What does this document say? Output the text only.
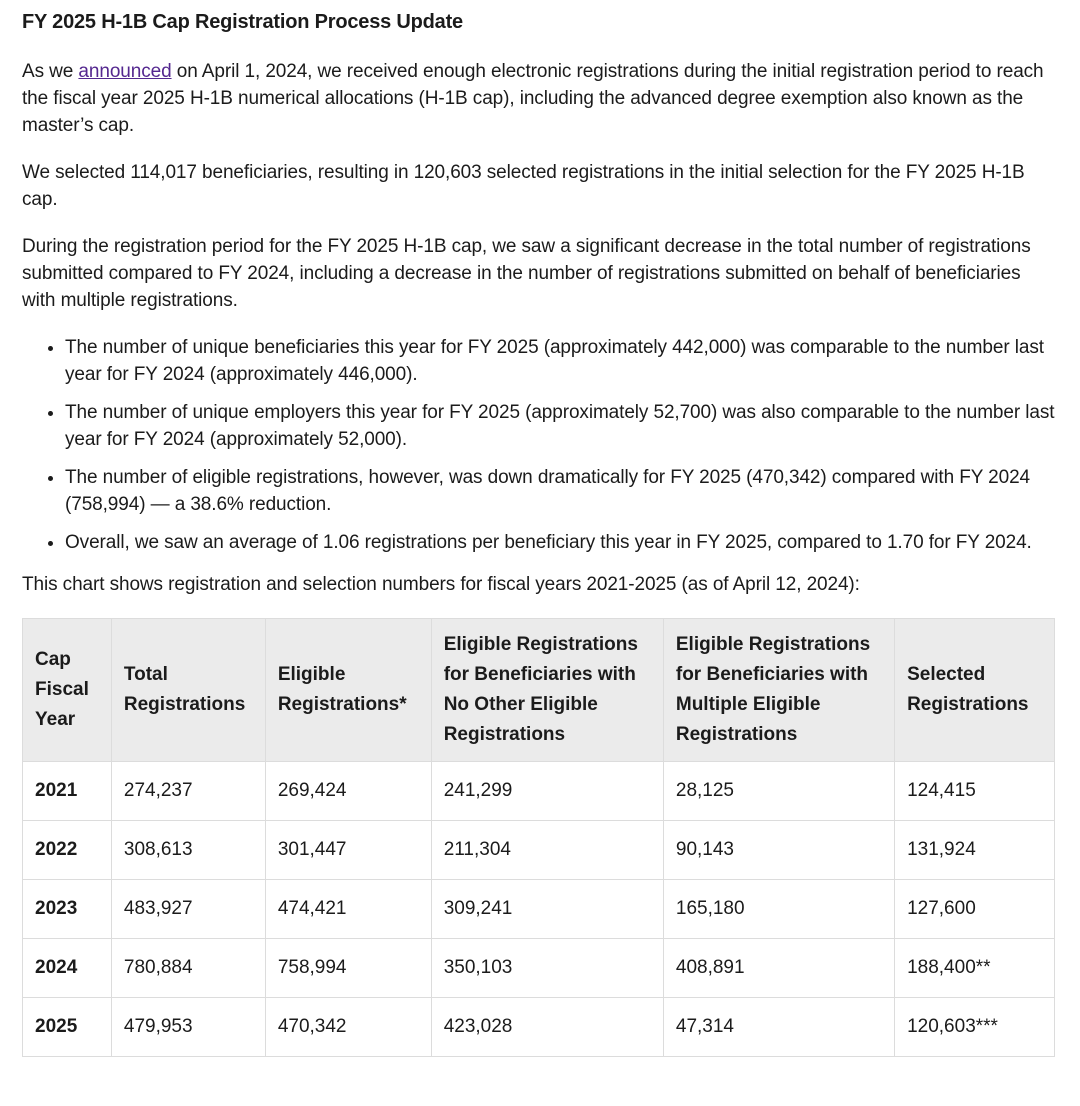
FY 2025 H-1B Cap Registration Process Update

As we announced on April 1, 2024, we received enough electronic registrations during the initial registration period to reach the fiscal year 2025 H-1B numerical allocations (H-1B cap), including the advanced degree exemption also known as the master’s cap.

We selected 114,017 beneficiaries, resulting in 120,603 selected registrations in the initial selection for the FY 2025 H-1B cap.

During the registration period for the FY 2025 H-1B cap, we saw a significant decrease in the total number of registrations submitted compared to FY 2024, including a decrease in the number of registrations submitted on behalf of beneficiaries with multiple registrations.

• The number of unique beneficiaries this year for FY 2025 (approximately 442,000) was comparable to the number last year for FY 2024 (approximately 446,000).
• The number of unique employers this year for FY 2025 (approximately 52,700) was also comparable to the number last year for FY 2024 (approximately 52,000).
• The number of eligible registrations, however, was down dramatically for FY 2025 (470,342) compared with FY 2024 (758,994) — a 38.6% reduction.
• Overall, we saw an average of 1.06 registrations per beneficiary this year in FY 2025, compared to 1.70 for FY 2024.

This chart shows registration and selection numbers for fiscal years 2021-2025 (as of April 12, 2024):

Cap Fiscal Year	Total Registrations	Eligible Registrations*	Eligible Registrations for Beneficiaries with No Other Eligible Registrations	Eligible Registrations for Beneficiaries with Multiple Eligible Registrations	Selected Registrations
2021	274,237	269,424	241,299	28,125	124,415
2022	308,613	301,447	211,304	90,143	131,924
2023	483,927	474,421	309,241	165,180	127,600
2024	780,884	758,994	350,103	408,891	188,400**
2025	479,953	470,342	423,028	47,314	120,603***
